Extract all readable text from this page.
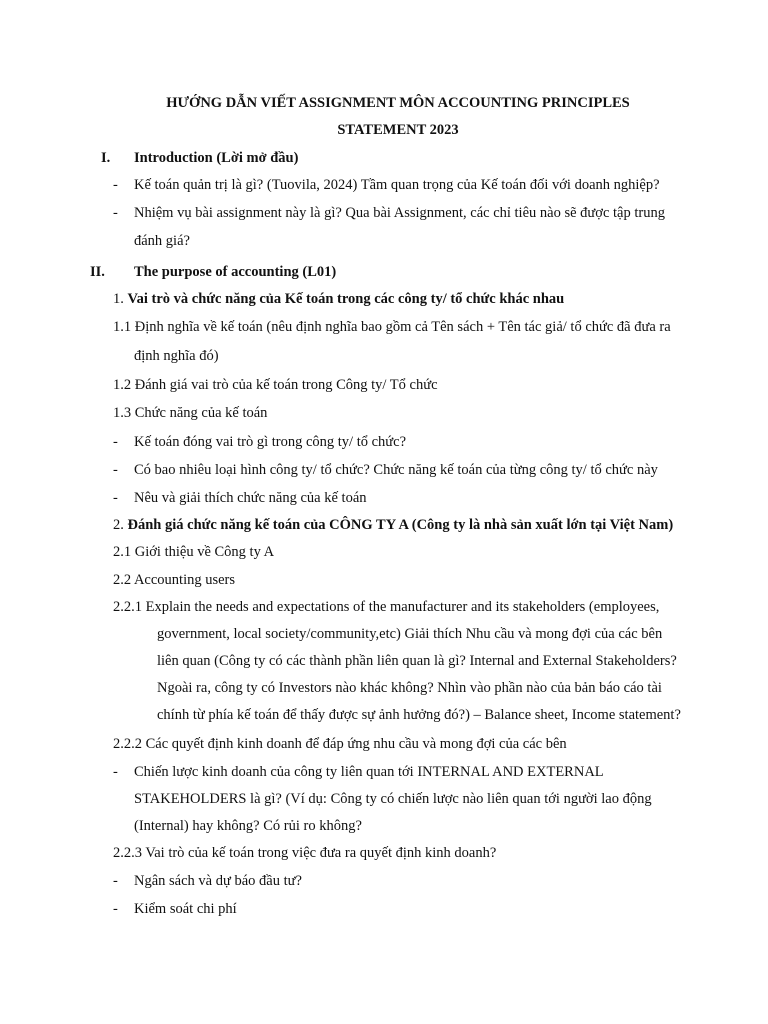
HƯỚNG DẪN VIẾT ASSIGNMENT MÔN ACCOUNTING PRINCIPLES
STATEMENT 2023
I. Introduction (Lời mở đầu)
- Kế toán quản trị là gì? (Tuovila, 2024) Tầm quan trọng của Kế toán đối với doanh nghiệp?
- Nhiệm vụ bài assignment này là gì? Qua bài Assignment, các chỉ tiêu nào sẽ được tập trung
đánh giá?
II. The purpose of accounting (L01)
1. Vai trò và chức năng của Kế toán trong các công ty/ tổ chức khác nhau
1.1 Định nghĩa về kế toán (nêu định nghĩa bao gồm cả Tên sách + Tên tác giả/ tổ chức đã đưa ra
định nghĩa đó)
1.2 Đánh giá vai trò của kế toán trong Công ty/ Tổ chức
1.3 Chức năng của kế toán
- Kế toán đóng vai trò gì trong công ty/ tổ chức?
- Có bao nhiêu loại hình công ty/ tổ chức? Chức năng kế toán của từng công ty/ tổ chức này
- Nêu và giải thích chức năng của kế toán
2. Đánh giá chức năng kế toán của CÔNG TY A (Công ty là nhà sản xuất lớn tại Việt Nam)
2.1 Giới thiệu về Công ty A
2.2 Accounting users
2.2.1 Explain the needs and expectations of the manufacturer and its stakeholders (employees,
government, local society/community,etc) Giải thích Nhu cầu và mong đợi của các bên
liên quan (Công ty có các thành phần liên quan là gì? Internal and External Stakeholders?
Ngoài ra, công ty có Investors nào khác không? Nhìn vào phần nào của bản báo cáo tài
chính từ phía kế toán để thấy được sự ảnh hưởng đó?) – Balance sheet, Income statement?
2.2.2 Các quyết định kinh doanh để đáp ứng nhu cầu và mong đợi của các bên
- Chiến lược kinh doanh của công ty liên quan tới INTERNAL AND EXTERNAL
STAKEHOLDERS là gì? (Ví dụ: Công ty có chiến lược nào liên quan tới người lao động
(Internal) hay không? Có rủi ro không?
2.2.3 Vai trò của kế toán trong việc đưa ra quyết định kinh doanh?
- Ngân sách và dự báo đầu tư?
- Kiểm soát chi phí
